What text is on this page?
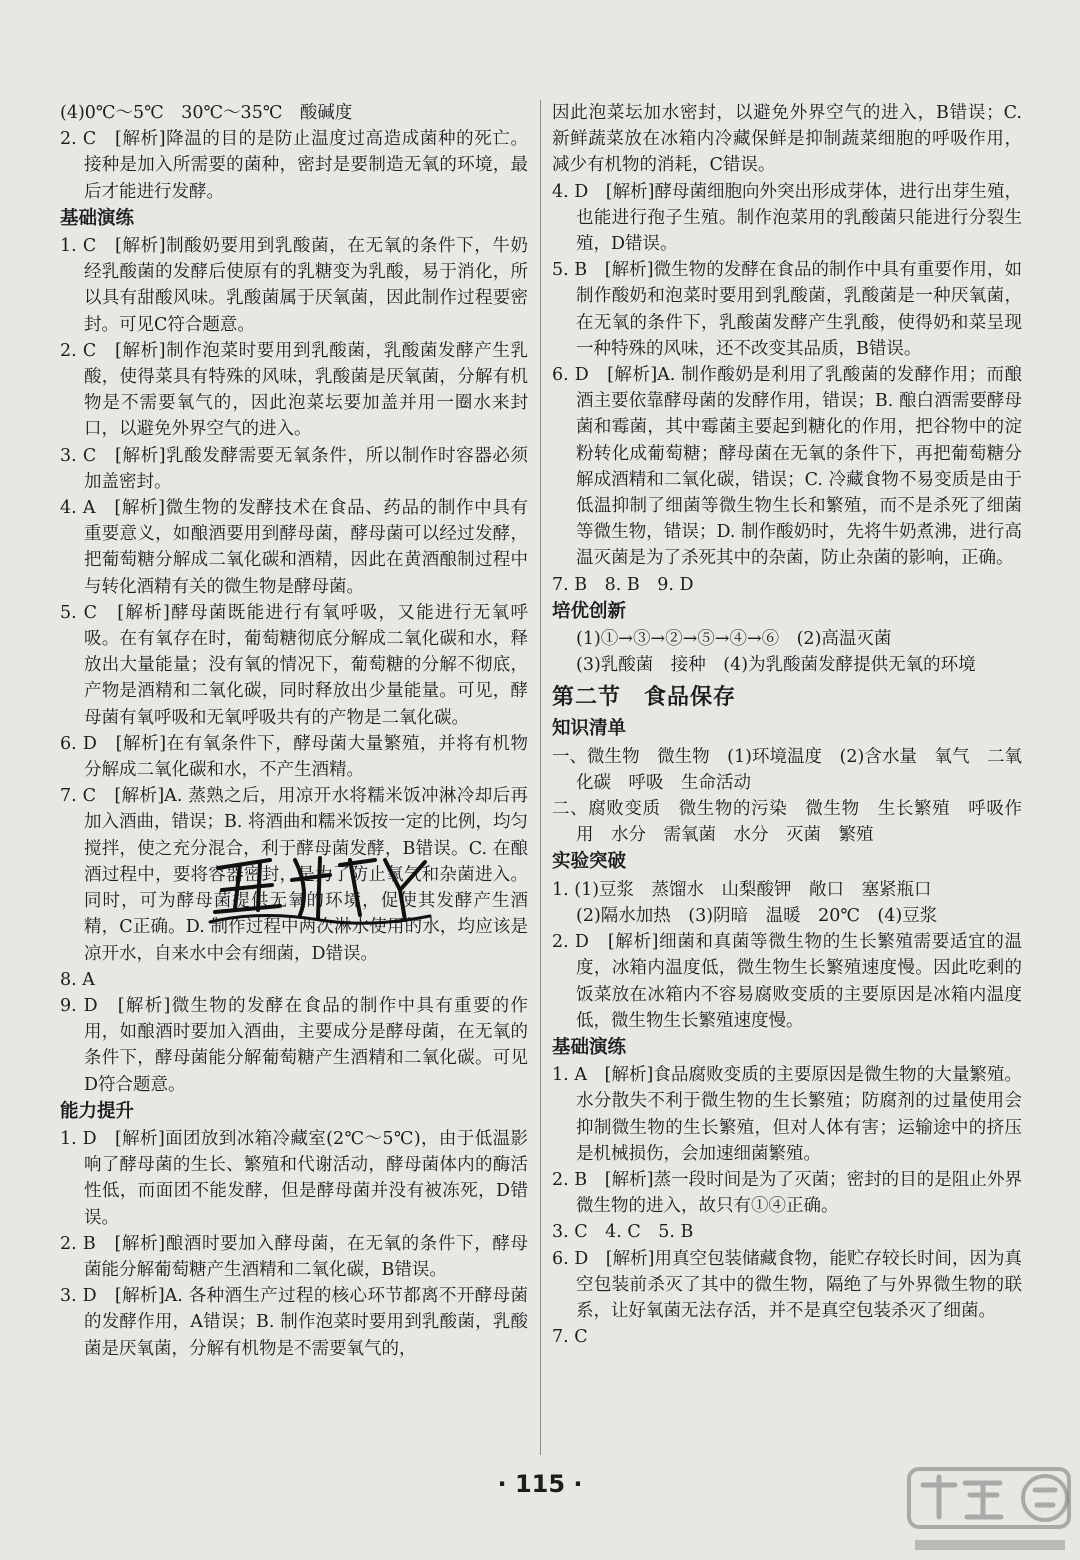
(4)0℃～5℃　30℃～35℃　酸碱度

2. C　[解析]降温的目的是防止温度过高造成菌种的死亡。接种是加入所需要的菌种，密封是要制造无氧的环境，最后才能进行发酵。

基础演练

1. C　[解析]制酸奶要用到乳酸菌，在无氧的条件下，牛奶经乳酸菌的发酵后使原有的乳糖变为乳酸，易于消化，所以具有甜酸风味。乳酸菌属于厌氧菌，因此制作过程要密封。可见C符合题意。

2. C　[解析]制作泡菜时要用到乳酸菌，乳酸菌发酵产生乳酸，使得菜具有特殊的风味，乳酸菌是厌氧菌，分解有机物是不需要氧气的，因此泡菜坛要加盖并用一圈水来封口，以避免外界空气的进入。

3. C　[解析]乳酸发酵需要无氧条件，所以制作时容器必须加盖密封。

4. A　[解析]微生物的发酵技术在食品、药品的制作中具有重要意义，如酿酒要用到酵母菌，酵母菌可以经过发酵，把葡萄糖分解成二氧化碳和酒精，因此在黄酒酿制过程中与转化酒精有关的微生物是酵母菌。

5. C　[解析]酵母菌既能进行有氧呼吸，又能进行无氧呼吸。在有氧存在时，葡萄糖彻底分解成二氧化碳和水，释放出大量能量；没有氧的情况下，葡萄糖的分解不彻底，产物是酒精和二氧化碳，同时释放出少量能量。可见，酵母菌有氧呼吸和无氧呼吸共有的产物是二氧化碳。

6. D　[解析]在有氧条件下，酵母菌大量繁殖，并将有机物分解成二氧化碳和水，不产生酒精。

7. C　[解析]A. 蒸熟之后，用凉开水将糯米饭冲淋冷却后再加入酒曲，错误；B. 将酒曲和糯米饭按一定的比例，均匀搅拌，使之充分混合，利于酵母菌发酵，B错误。C. 在酿酒过程中，要将容器密封，是为了防止氧气和杂菌进入。同时，可为酵母菌提供无氧的环境，促使其发酵产生酒精，C正确。D. 制作过程中两次淋水使用的水，均应该是凉开水，自来水中会有细菌，D错误。

8. A

9. D　[解析]微生物的发酵在食品的制作中具有重要的作用，如酿酒时要加入酒曲，主要成分是酵母菌，在无氧的条件下，酵母菌能分解葡萄糖产生酒精和二氧化碳。可见D符合题意。

能力提升

1. D　[解析]面团放到冰箱冷藏室(2℃～5℃)，由于低温影响了酵母菌的生长、繁殖和代谢活动，酵母菌体内的酶活性低，而面团不能发酵，但是酵母菌并没有被冻死，D错误。

2. B　[解析]酿酒时要加入酵母菌，在无氧的条件下，酵母菌能分解葡萄糖产生酒精和二氧化碳，B错误。

3. D　[解析]A. 各种酒生产过程的核心环节都离不开酵母菌的发酵作用，A错误；B. 制作泡菜时要用到乳酸菌，乳酸菌是厌氧菌，分解有机物是不需要氧气的，

因此泡菜坛加水密封，以避免外界空气的进入，B错误；C. 新鲜蔬菜放在冰箱内冷藏保鲜是抑制蔬菜细胞的呼吸作用，减少有机物的消耗，C错误。

4. D　[解析]酵母菌细胞向外突出形成芽体，进行出芽生殖，也能进行孢子生殖。制作泡菜用的乳酸菌只能进行分裂生殖，D错误。

5. B　[解析]微生物的发酵在食品的制作中具有重要作用，如制作酸奶和泡菜时要用到乳酸菌，乳酸菌是一种厌氧菌，在无氧的条件下，乳酸菌发酵产生乳酸，使得奶和菜呈现一种特殊的风味，还不改变其品质，B错误。

6. D　[解析]A. 制作酸奶是利用了乳酸菌的发酵作用；而酿酒主要依靠酵母菌的发酵作用，错误；B. 酿白酒需要酵母菌和霉菌，其中霉菌主要起到糖化的作用，把谷物中的淀粉转化成葡萄糖；酵母菌在无氧的条件下，再把葡萄糖分解成酒精和二氧化碳，错误；C. 冷藏食物不易变质是由于低温抑制了细菌等微生物生长和繁殖，而不是杀死了细菌等微生物，错误；D. 制作酸奶时，先将牛奶煮沸，进行高温灭菌是为了杀死其中的杂菌，防止杂菌的影响，正确。

7. B　8. B　9. D

培优创新

(1)①→③→②→⑤→④→⑥　(2)高温灭菌

(3)乳酸菌　接种　(4)为乳酸菌发酵提供无氧的环境

第二节　食品保存

知识清单

一、微生物　微生物　(1)环境温度　(2)含水量　氧气　二氧化碳　呼吸　生命活动

二、腐败变质　微生物的污染　微生物　生长繁殖　呼吸作用　水分　需氧菌　水分　灭菌　繁殖

实验突破

1. (1)豆浆　蒸馏水　山梨酸钾　敞口　塞紧瓶口

(2)隔水加热　(3)阴暗　温暖　20℃　(4)豆浆

2. D　[解析]细菌和真菌等微生物的生长繁殖需要适宜的温度，冰箱内温度低，微生物生长繁殖速度慢。因此吃剩的饭菜放在冰箱内不容易腐败变质的主要原因是冰箱内温度低，微生物生长繁殖速度慢。

基础演练

1. A　[解析]食品腐败变质的主要原因是微生物的大量繁殖。水分散失不利于微生物的生长繁殖；防腐剂的过量使用会抑制微生物的生长繁殖，但对人体有害；运输途中的挤压是机械损伤，会加速细菌繁殖。

2. B　[解析]蒸一段时间是为了灭菌；密封的目的是阻止外界微生物的进入，故只有①④正确。

3. C　4. C　5. B

6. D　[解析]用真空包装储藏食物，能贮存较长时间，因为真空包装前杀灭了其中的微生物，隔绝了与外界微生物的联系，让好氧菌无法存活，并不是真空包装杀灭了细菌。

7. C

· 115 ·
